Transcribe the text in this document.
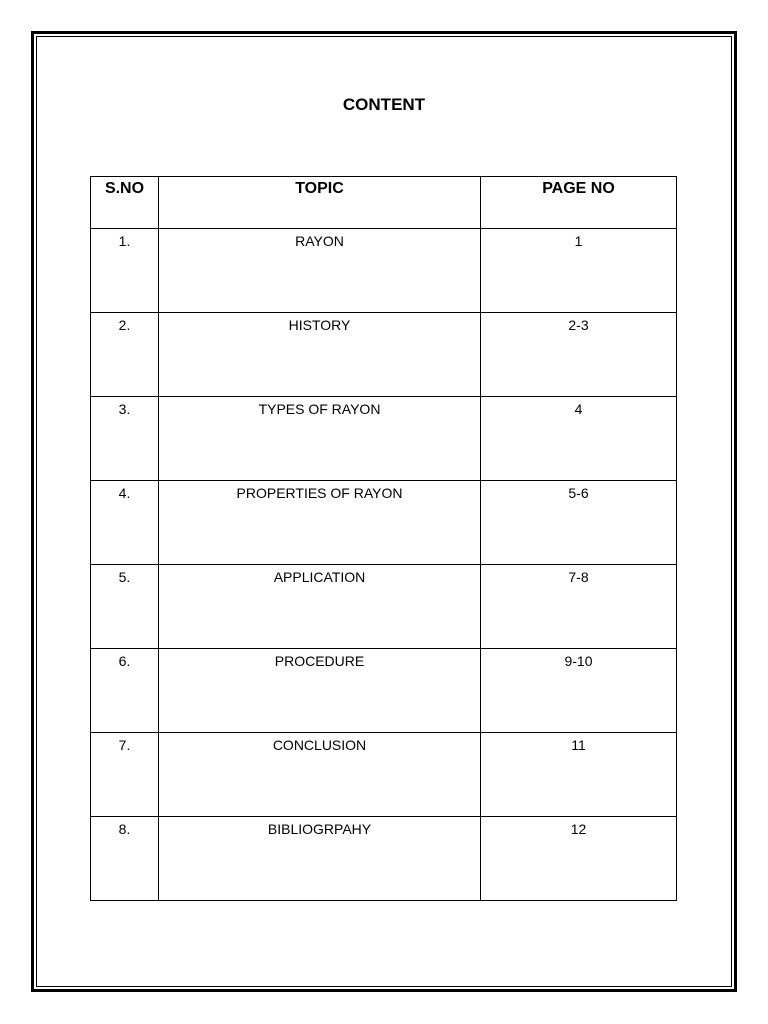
CONTENT
S.NO	TOPIC	PAGE NO
1.	RAYON	1
2.	HISTORY	2-3
3.	TYPES OF RAYON	4
4.	PROPERTIES OF RAYON	5-6
5.	APPLICATION	7-8
6.	PROCEDURE	9-10
7.	CONCLUSION	11
8.	BIBLIOGRPAHY	12
